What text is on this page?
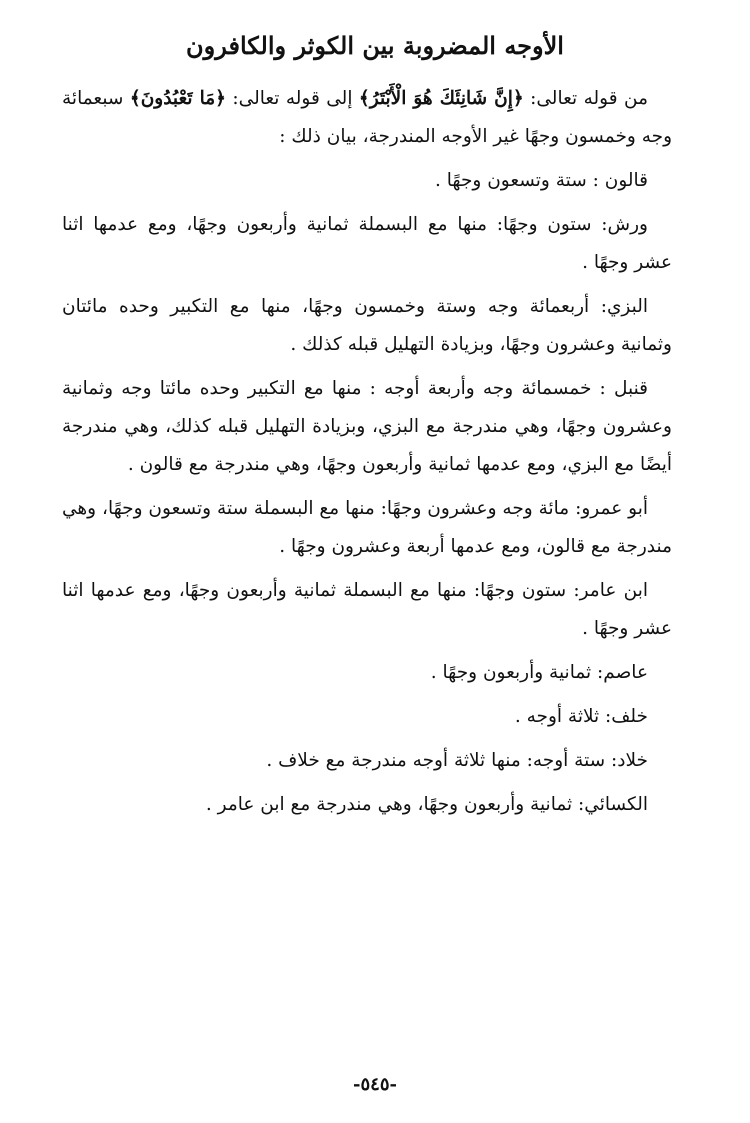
الأوجه المضروبة بين الكوثر والكافرون

من قوله تعالى: ﴿إِنَّ شَانِئَكَ هُوَ الْأَبْتَرُ﴾ إلى قوله تعالى: ﴿مَا تَعْبُدُونَ﴾ سبعمائة وجه وخمسون وجهًا غير الأوجه المندرجة، بيان ذلك :

قالون : ستة وتسعون وجهًا .

ورش: ستون وجهًا: منها مع البسملة ثمانية وأربعون وجهًا، ومع عدمها اثنا عشر وجهًا .

البزي: أربعمائة وجه وستة وخمسون وجهًا، منها مع التكبير وحده مائتان وثمانية وعشرون وجهًا، وبزيادة التهليل قبله كذلك .

قنبل : خمسمائة وجه وأربعة أوجه : منها مع التكبير وحده مائتا وجه وثمانية وعشرون وجهًا، وهي مندرجة مع البزي، وبزيادة التهليل قبله كذلك، وهي مندرجة أيضًا مع البزي، ومع عدمها ثمانية وأربعون وجهًا، وهي مندرجة مع قالون .

أبو عمرو: مائة وجه وعشرون وجهًا: منها مع البسملة ستة وتسعون وجهًا، وهي مندرجة مع قالون، ومع عدمها أربعة وعشرون وجهًا .

ابن عامر: ستون وجهًا: منها مع البسملة ثمانية وأربعون وجهًا، ومع عدمها اثنا عشر وجهًا .

عاصم: ثمانية وأربعون وجهًا .

خلف: ثلاثة أوجه .

خلاد: ستة أوجه: منها ثلاثة أوجه مندرجة مع خلاف .

الكسائي: ثمانية وأربعون وجهًا، وهي مندرجة مع ابن عامر .

-٥٤٥-
